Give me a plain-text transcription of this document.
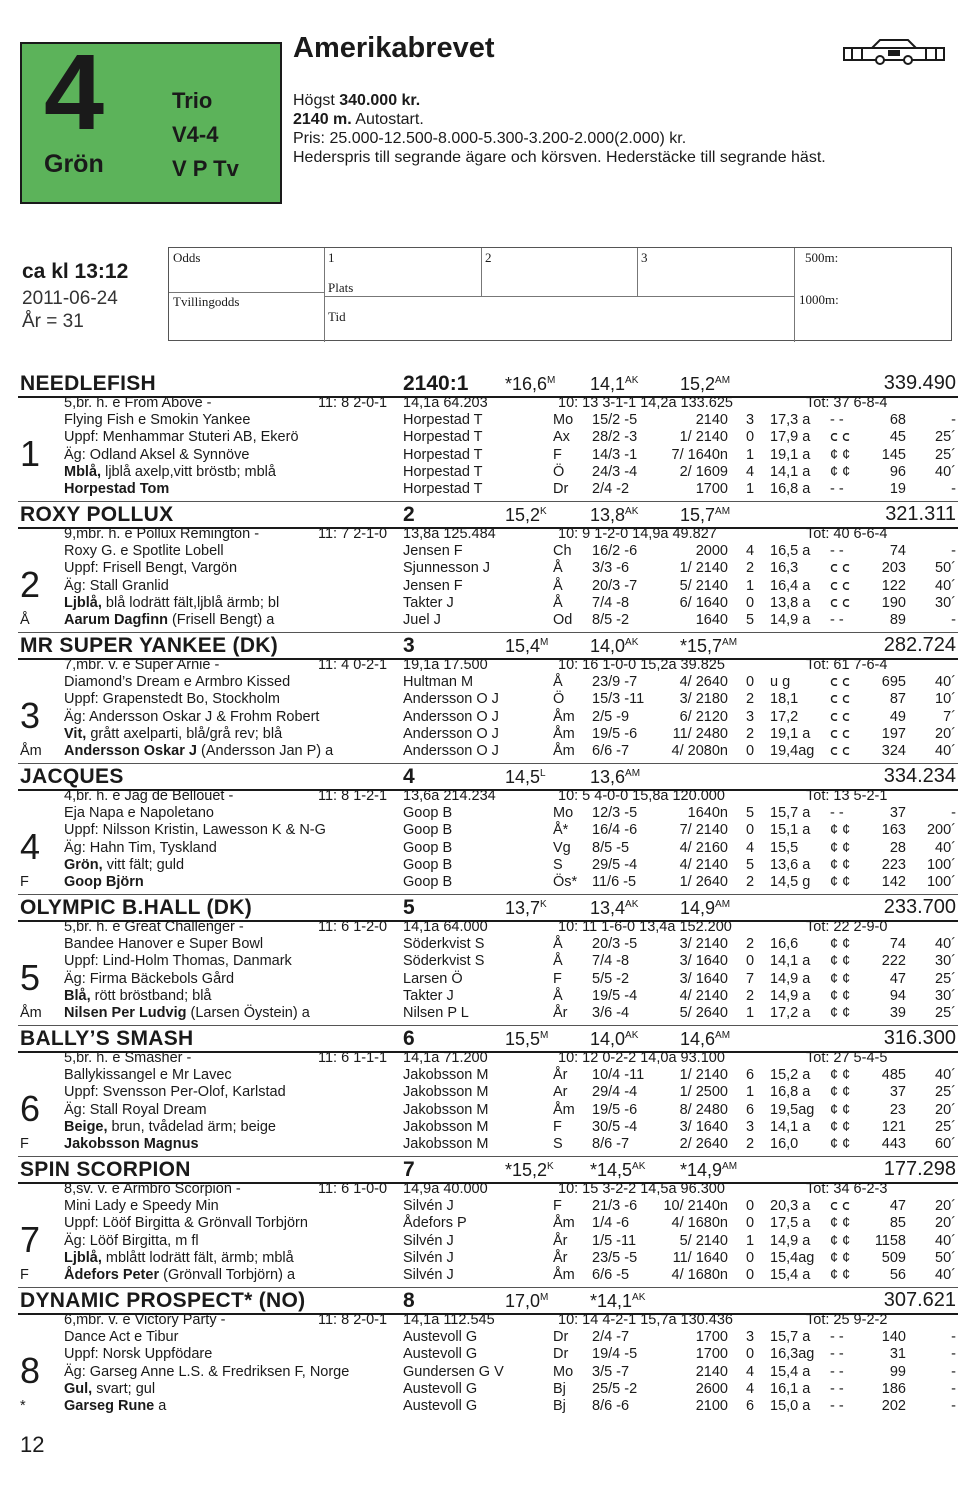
4
Grön
Trio
V4-4
V P Tv
Amerikabrevet
Högst 340.000 kr.
2140 m. Autostart.
Pris: 25.000-12.500-8.000-5.300-3.200-2.000(2.000) kr.
Hederspris till segrande ägare och körsven. Hederstäcke till segrande häst.
ca kl 13:12
2011-06-24
År = 31
Odds
Tvillingodds
1	2	3
Plats
Tid
500m:
1000m:
NEEDLEFISH	2140:1 $*16,6^M$ $14,1^{AK}$ $15,2^{AM}$	339.490
1
5,br. h. e From Above -	11: 8 2-0-1 14,1a 64.203	10: 13 3-1-1 14,2a 133.625	Tot: 37 6-8-4
Flying Fish e Smokin Yankee	Horpestad T	Mo 15/2 -5	2140 3 17,3 a - -	68	-
Uppf: Menhammar Stuteri AB, Ekerö	Horpestad T	Ax 28/2 -3	1/ 2140 0 17,9 a ⅽ ⅽ	45	25´
Äg: Odland Aksel & Synnöve	Horpestad T	F 14/3 -1	7/ 1640n 1 19,1 a ¢ ¢	145	25´
Mblå, ljblå axelp,vitt bröstb; mblå	Horpestad T	Ö 24/3 -4	2/ 1609 4 14,1 a ¢ ¢	96	40´
Horpestad Tom	Horpestad T	Dr 2/4 -2	1700 1 16,8 a - -	19	-
ROXY POLLUX	2	$15,2^K$ $13,8^{AK}$ $15,7^{AM}$	321.311
2
9,mbr. h. e Pollux Remington -	11: 7 2-1-0 13,8a 125.484	10: 9 1-2-0 14,9a 49.827	Tot: 40 6-6-4
Roxy G. e Spotlite Lobell	Jensen F	Ch 16/2 -6	2000 4 16,5 a - -	74	-
Uppf: Frisell Bengt, Vargön	Sjunnesson J	Å 3/3 -6	1/ 2140 2 16,3 ⅽ ⅽ	203	50´
Äg: Stall Granlid	Jensen F	Å 20/3 -7	5/ 2140 1 16,4 a ⅽ ⅽ	122	40´
Ljblå, blå lodrätt fält,ljblå ärmb; bl	Takter J	Å 7/4 -8	6/ 1640 0 13,8 a ⅽ ⅽ	190	30´
Aarum Dagfinn (Frisell Bengt) a	Juel J	Od 8/5 -2	1640 5 14,9 a - -	89	-
Å
MR SUPER YANKEE (DK)	3	$15,4^M$ $14,0^{AK}$ $*15,7^{AM}$	282.724
3
7,mbr. v. e Super Arnie -	11: 4 0-2-1 19,1a 17.500	10: 16 1-0-0 15,2a 39.825	Tot: 61 7-6-4
Diamond’s Dream e Armbro Kissed	Hultman M	Å 23/9 -7	4/ 2640 0 u g	ⅽ ⅽ	695	40´
Uppf: Grapenstedt Bo, Stockholm	Andersson O J	Ö 15/3 -11	3/ 2180 2 18,1 ⅽ ⅽ	87	10´
Äg: Andersson Oskar J & Frohm Robert	Andersson O J	Åm 2/5 -9	6/ 2120 3 17,2 ⅽ ⅽ	49	7´
Vit, grått axelparti, blå/grå rev; blå	Andersson O J	Åm 19/5 -6	11/ 2480 2 19,1 a ⅽ ⅽ	197	20´
Andersson Oskar J (Andersson Jan P) a	Andersson O J	Åm 6/6 -7	4/ 2080n 0 19,4ag ⅽ ⅽ	324	40´
Åm
JACQUES	4	$14,5^L$ $13,6^{AM}$	334.234
4
4,br. h. e Jag de Bellouet -	11: 8 1-2-1 13,6a 214.234	10: 5 4-0-0 15,8a 120.000	Tot: 13 5-2-1
Eja Napa e Napoletano	Goop B	Mo 12/3 -5	1640n 5 15,7 a - -	37	-
Uppf: Nilsson Kristin, Lawesson K & N-G	Goop B	Å* 16/4 -6	7/ 2140 0 15,1 a ¢ ¢	163	200´
Äg: Hahn Tim, Tyskland	Goop B	Vg 8/5 -5	4/ 2160 4 15,5 ¢ ¢	28	40´
Grön, vitt fält; guld	Goop B	S 29/5 -4	4/ 2140 5 13,6 a ¢ ¢	223	100´
Goop Björn	Goop B	Ös* 11/6 -5	1/ 2640 2 14,5 g ¢ ¢	142	100´
F
OLYMPIC B.HALL (DK)	5	$13,7^K$ $13,4^{AK}$ $14,9^{AM}$	233.700
5
5,br. h. e Great Challenger -	11: 6 1-2-0 14,1a 64.000	10: 11 1-6-0 13,4a 152.200	Tot: 22 2-9-0
Bandee Hanover e Super Bowl	Söderkvist S	Å 20/3 -5	3/ 2140 2 16,6 ¢ ¢	74	40´
Uppf: Lind-Holm Thomas, Danmark	Söderkvist S	Å 7/4 -8	3/ 1640 0 14,1 a ¢ ¢	222	30´
Äg: Firma Bäckebols Gård	Larsen Ö	F 5/5 -2	3/ 1640 7 14,9 a ¢ ¢	47	25´
Blå, rött bröstband; blå	Takter J	Å 19/5 -4	4/ 2140 2 14,9 a ¢ ¢	94	30´
Nilsen Per Ludvig (Larsen Öystein) a	Nilsen P L	År 3/6 -4	5/ 2640 1 17,2 a ¢ ¢	39	25´
Åm
BALLY’S SMASH	6	$15,5^M$ $14,0^{AK}$ $14,6^{AM}$	316.300
6
5,br. h. e Smasher -	11: 6 1-1-1 14,1a 71.200	10: 12 0-2-2 14,0a 93.100	Tot: 27 5-4-5
Ballykissangel e Mr Lavec	Jakobsson M	År 10/4 -11	1/ 2140 6 15,2 a ¢ ¢	485	40´
Uppf: Svensson Per-Olof, Karlstad	Jakobsson M	Ar 29/4 -4	1/ 2500 1 16,8 a ¢ ¢	37	25´
Äg: Stall Royal Dream	Jakobsson M	Åm 19/5 -6	8/ 2480 6 19,5ag ¢ ¢	23	20´
Beige, brun, tvådelad ärm; beige	Jakobsson M	F 30/5 -4	3/ 1640 3 14,1 a ¢ ¢	121	25´
Jakobsson Magnus	Jakobsson M	S 8/6 -7	2/ 2640 2 16,0 ¢ ¢	443	60´
F
SPIN SCORPION	7	$*15,2^K$ $*14,5^{AK}$ $*14,9^{AM}$	177.298
7
8,sv. v. e Armbro Scorpion -	11: 6 1-0-0 14,9a 40.000	10: 15 3-2-2 14,5a 96.300	Tot: 34 6-2-3
Mini Lady e Speedy Min	Silvén J	F 21/3 -6 10/ 2140n 0 20,3 a ⅽ ⅽ	47	20´
Uppf: Lööf Birgitta & Grönvall Torbjörn	Ådefors P	Åm 1/4 -6	4/ 1680n 0 17,5 a ¢ ¢	85	20´
Äg: Lööf Birgitta, m fl	Silvén J	År 1/5 -11	5/ 2140 1 14,9 a ¢ ¢	1158	40´
Ljblå, mblått lodrätt fält, ärmb; mblå	Silvén J	År 23/5 -5	11/ 1640 0 15,4ag ¢ ¢	509	50´
Ådefors Peter (Grönvall Torbjörn) a	Silvén J	Åm 6/6 -5	4/ 1680n 0 15,4 a ¢ ¢	56	40´
F
DYNAMIC PROSPECT* (NO)	8	$17,0^M$ $*14,1^{AK}$	307.621
8
6,mbr. v. e Victory Party -	11: 8 2-0-1 14,1a 112.545	10: 14 4-2-1 15,7a 130.436	Tot: 25 9-2-2
Dance Act e Tibur	Austevoll G	Dr 2/4 -7	1700 3 15,7 a - -	140	-
Uppf: Norsk Uppfödare	Austevoll G	Dr 19/4 -5	1700 0 16,3ag - -	31	-
Äg: Garseg Anne L.S. & Fredriksen F, Norge	Gundersen G V	Mo 3/5 -7	2140 4 15,4 a - -	99	-
Gul, svart; gul	Austevoll G	Bj 25/5 -2	2600 4 16,1 a - -	186	-
Garseg Rune a	Austevoll G	Bj 8/6 -6	2100 6 15,0 a - -	202	-
*
12
